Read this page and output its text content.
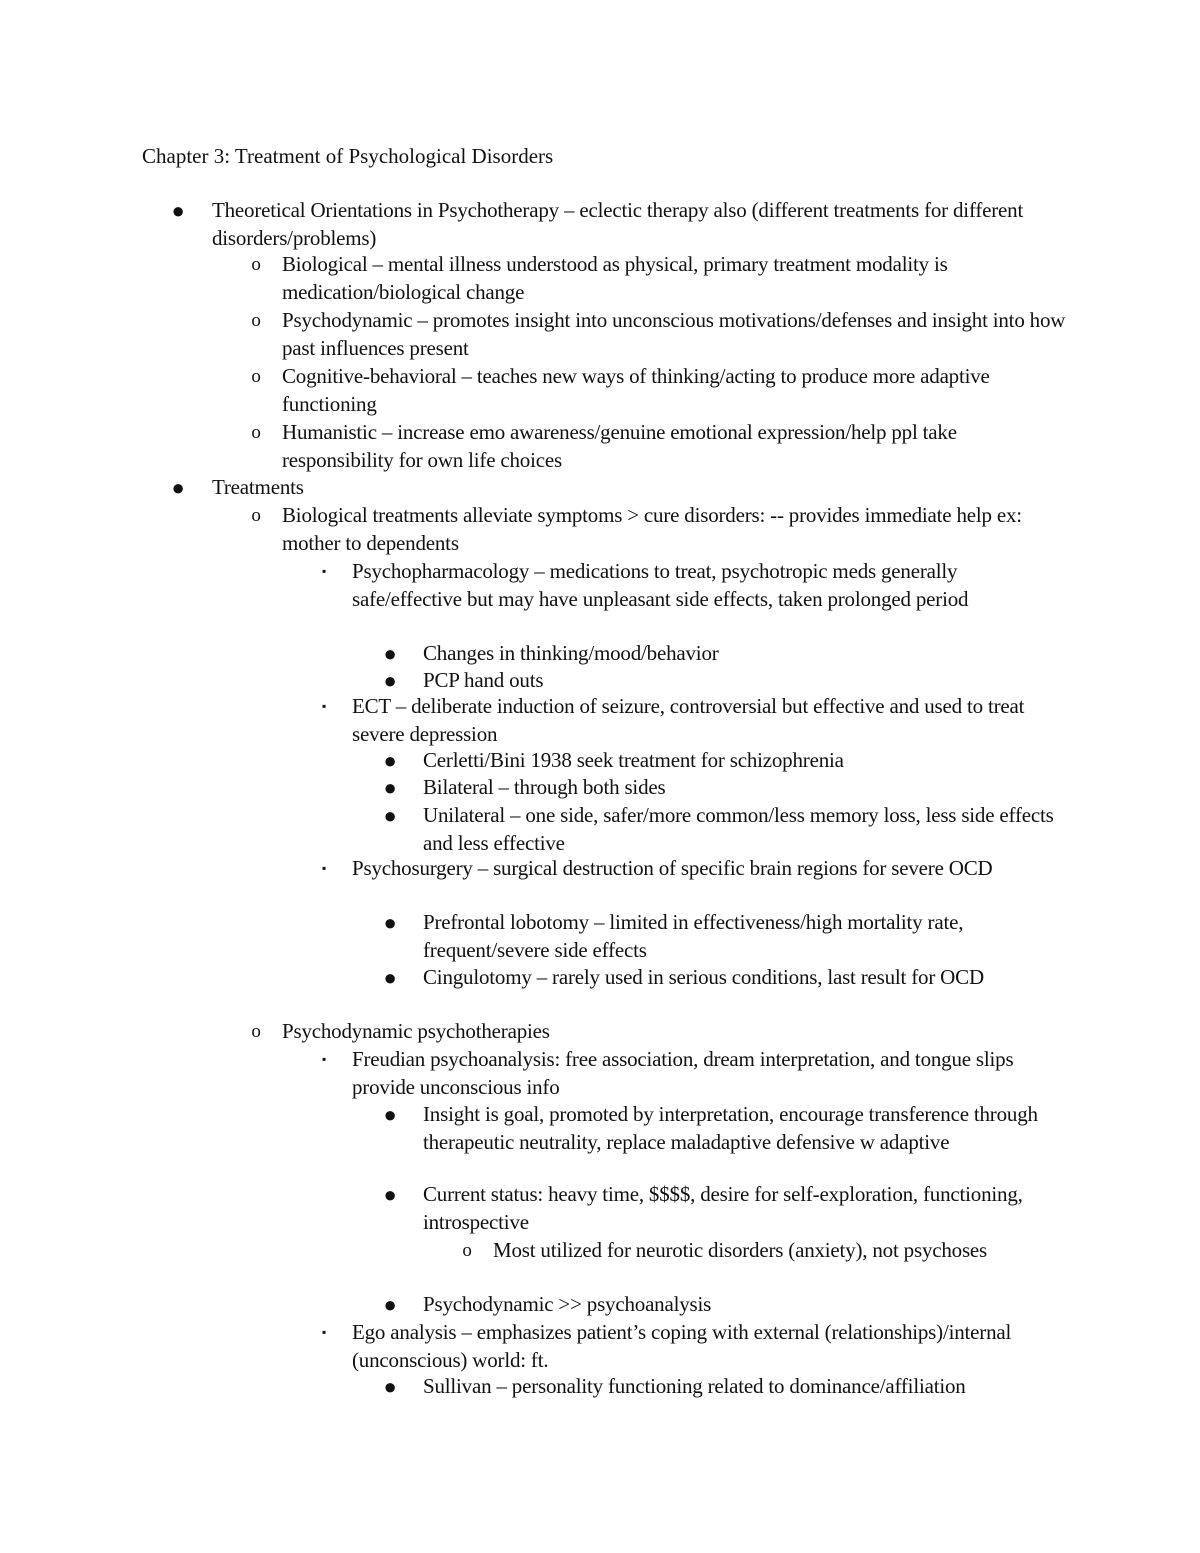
Chapter 3: Treatment of Psychological Disorders
● Theoretical Orientations in Psychotherapy – eclectic therapy also (different treatments for different disorders/problems)
o Biological – mental illness understood as physical, primary treatment modality is medication/biological change
o Psychodynamic – promotes insight into unconscious motivations/defenses and insight into how past influences present
o Cognitive-behavioral – teaches new ways of thinking/acting to produce more adaptive functioning
o Humanistic – increase emo awareness/genuine emotional expression/help ppl take responsibility for own life choices
● Treatments
o Biological treatments alleviate symptoms > cure disorders: -- provides immediate help ex: mother to dependents
▪	Psychopharmacology – medications to treat, psychotropic meds generally safe/effective but may have unpleasant side effects, taken prolonged period
● Changes in thinking/mood/behavior
● PCP hand outs
▪	ECT – deliberate induction of seizure, controversial but effective and used to treat severe depression
● Cerletti/Bini 1938 seek treatment for schizophrenia
● Bilateral – through both sides
● Unilateral – one side, safer/more common/less memory loss, less side effects and less effective
▪	Psychosurgery – surgical destruction of specific brain regions for severe OCD
● Prefrontal lobotomy – limited in effectiveness/high mortality rate, frequent/severe side effects
● Cingulotomy – rarely used in serious conditions, last result for OCD
o Psychodynamic psychotherapies
▪	Freudian psychoanalysis: free association, dream interpretation, and tongue slips provide unconscious info
● Insight is goal, promoted by interpretation, encourage transference through therapeutic neutrality, replace maladaptive defensive w adaptive
● Current status: heavy time, $$$$, desire for self-exploration, functioning, introspective
o Most utilized for neurotic disorders (anxiety), not psychoses
● Psychodynamic >> psychoanalysis
▪	Ego analysis – emphasizes patient’s coping with external (relationships)/internal (unconscious) world: ft.
● Sullivan – personality functioning related to dominance/affiliation
